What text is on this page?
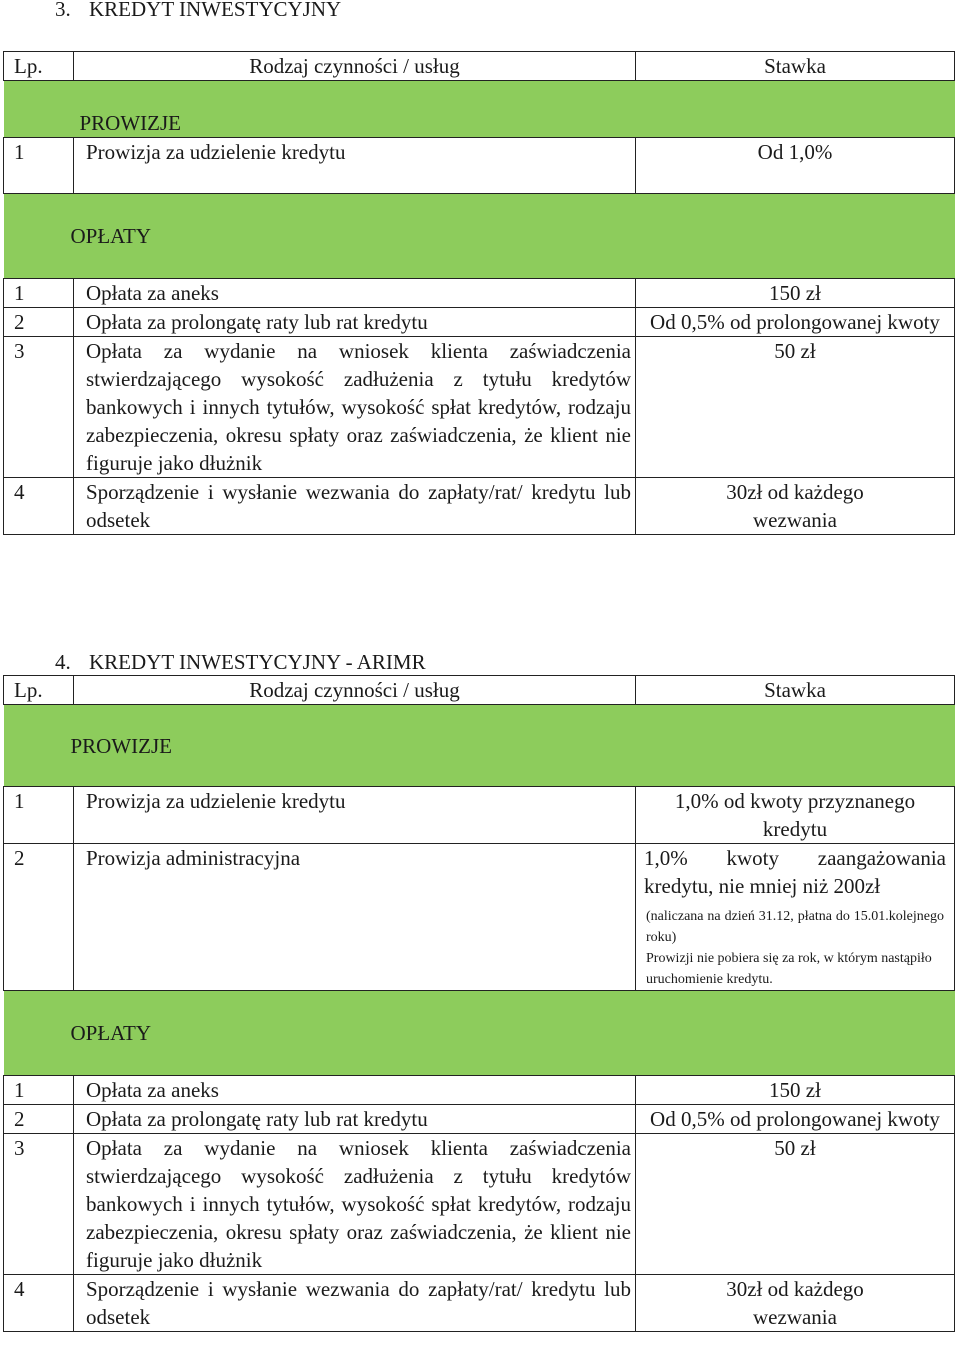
3. KREDYT INWESTYCYJNY
Lp.	Rodzaj czynności / usług	Stawka

PROWIZJE		

1	Prowizja za udzielenie kredytu	Od 1,0%

OPŁATY		

1	Opłata za aneks	150 zł
2	Opłata za prolongatę raty lub rat kredytu	Od 0,5% od prolongowanej kwoty
3	Opłata za wydanie na wniosek klienta zaświadczenia stwierdzającego wysokość zadłużenia z tytułu kredytów bankowych i innych tytułów, wysokość spłat kredytów, rodzaju zabezpieczenia, okresu spłaty oraz zaświadczenia, że klient nie figuruje jako dłużnik	50 zł
4	Sporządzenie i wysłanie wezwania do zapłaty/rat/ kredytu lub odsetek	30zł od każdego wezwania
4. KREDYT INWESTYCYJNY - ARIMR
Lp.	Rodzaj czynności / usług	Stawka

PROWIZJE		

1	Prowizja za udzielenie kredytu	1,0% od kwoty przyznanego kredytu
2	Prowizja administracyjna	1,0% kwoty zaangażowania kredytu, nie mniej niż 200zł
(naliczana na dzień 31.12, płatna do 15.01.kolejnego roku)
Prowizji nie pobiera się za rok, w którym nastąpiło uruchomienie kredytu.

OPŁATY		

1	Opłata za aneks	150 zł
2	Opłata za prolongatę raty lub rat kredytu	Od 0,5% od prolongowanej kwoty
3	Opłata za wydanie na wniosek klienta zaświadczenia stwierdzającego wysokość zadłużenia z tytułu kredytów bankowych i innych tytułów, wysokość spłat kredytów, rodzaju zabezpieczenia, okresu spłaty oraz zaświadczenia, że klient nie figuruje jako dłużnik	50 zł
4	Sporządzenie i wysłanie wezwania do zapłaty/rat/ kredytu lub odsetek	30zł od każdego wezwania
